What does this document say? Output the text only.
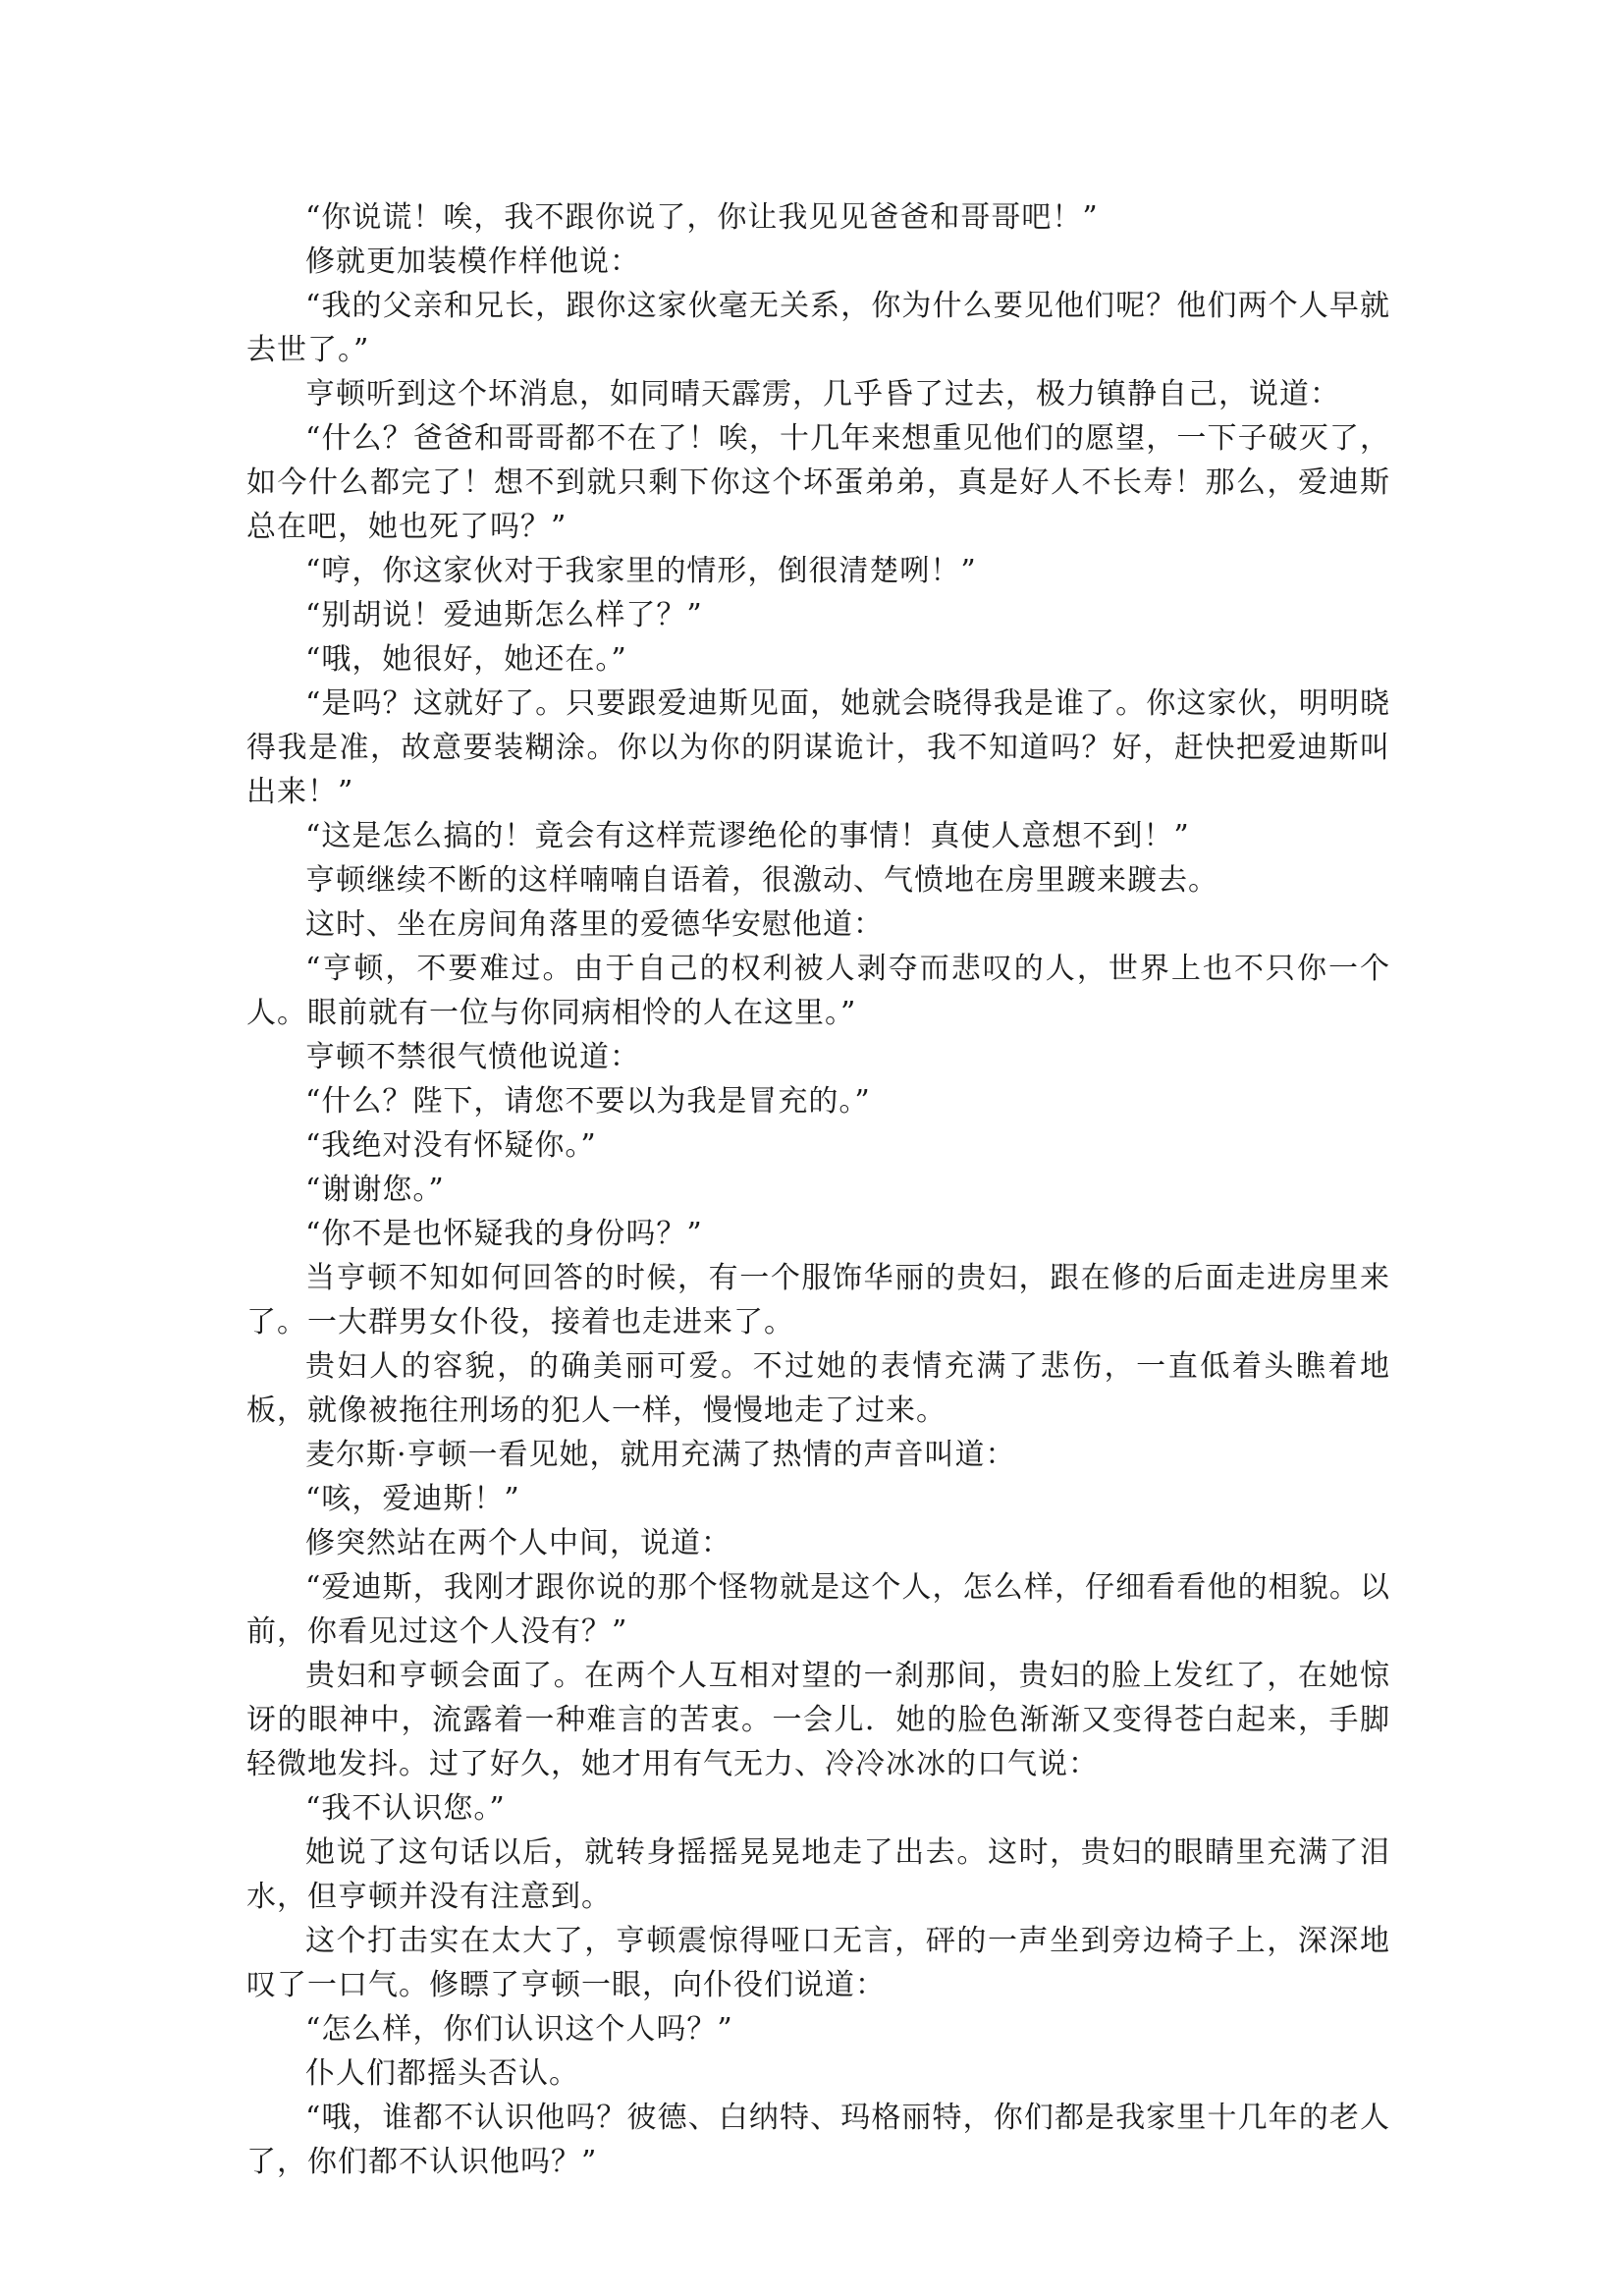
“你说谎！唉，我不跟你说了，你让我见见爸爸和哥哥吧！”

修就更加装模作样他说：

“我的父亲和兄长，跟你这家伙毫无关系，你为什么要见他们呢？他们两个人早就去世了。”

亨顿听到这个坏消息，如同晴天霹雳，几乎昏了过去，极力镇静自己，说道：

“什么？爸爸和哥哥都不在了！唉，十几年来想重见他们的愿望，一下子破灭了，如今什么都完了！想不到就只剩下你这个坏蛋弟弟，真是好人不长寿！那么，爱迪斯总在吧，她也死了吗？”

“哼，你这家伙对于我家里的情形，倒很清楚咧！”

“别胡说！爱迪斯怎么样了？”

“哦，她很好，她还在。”

“是吗？这就好了。只要跟爱迪斯见面，她就会晓得我是谁了。你这家伙，明明晓得我是准，故意要装糊涂。你以为你的阴谋诡计，我不知道吗？好，赶快把爱迪斯叫出来！”

“这是怎么搞的！竟会有这样荒谬绝伦的事情！真使人意想不到！”

亨顿继续不断的这样喃喃自语着，很激动、气愤地在房里踱来踱去。

这时、坐在房间角落里的爱德华安慰他道：

“亨顿，不要难过。由于自己的权利被人剥夺而悲叹的人，世界上也不只你一个人。眼前就有一位与你同病相怜的人在这里。”

亨顿不禁很气愤他说道：

“什么？陛下，请您不要以为我是冒充的。”

“我绝对没有怀疑你。”

“谢谢您。”

“你不是也怀疑我的身份吗？”

当亨顿不知如何回答的时候，有一个服饰华丽的贵妇，跟在修的后面走进房里来了。一大群男女仆役，接着也走进来了。

贵妇人的容貌，的确美丽可爱。不过她的表情充满了悲伤，一直低着头瞧着地板，就像被拖往刑场的犯人一样，慢慢地走了过来。

麦尔斯·亨顿一看见她，就用充满了热情的声音叫道：

“咳，爱迪斯！”

修突然站在两个人中间，说道：

“爱迪斯，我刚才跟你说的那个怪物就是这个人，怎么样，仔细看看他的相貌。以前，你看见过这个人没有？”

贵妇和亨顿会面了。在两个人互相对望的一刹那间，贵妇的脸上发红了，在她惊讶的眼神中，流露着一种难言的苦衷。一会儿．她的脸色渐渐又变得苍白起来，手脚轻微地发抖。过了好久，她才用有气无力、冷冷冰冰的口气说：

“我不认识您。”

她说了这句话以后，就转身摇摇晃晃地走了出去。这时，贵妇的眼睛里充满了泪水，但亨顿并没有注意到。

这个打击实在太大了，亨顿震惊得哑口无言，砰的一声坐到旁边椅子上，深深地叹了一口气。修瞟了亨顿一眼，向仆役们说道：

“怎么样，你们认识这个人吗？”

仆人们都摇头否认。

“哦，谁都不认识他吗？彼德、白纳特、玛格丽特，你们都是我家里十几年的老人了，你们都不认识他吗？”
